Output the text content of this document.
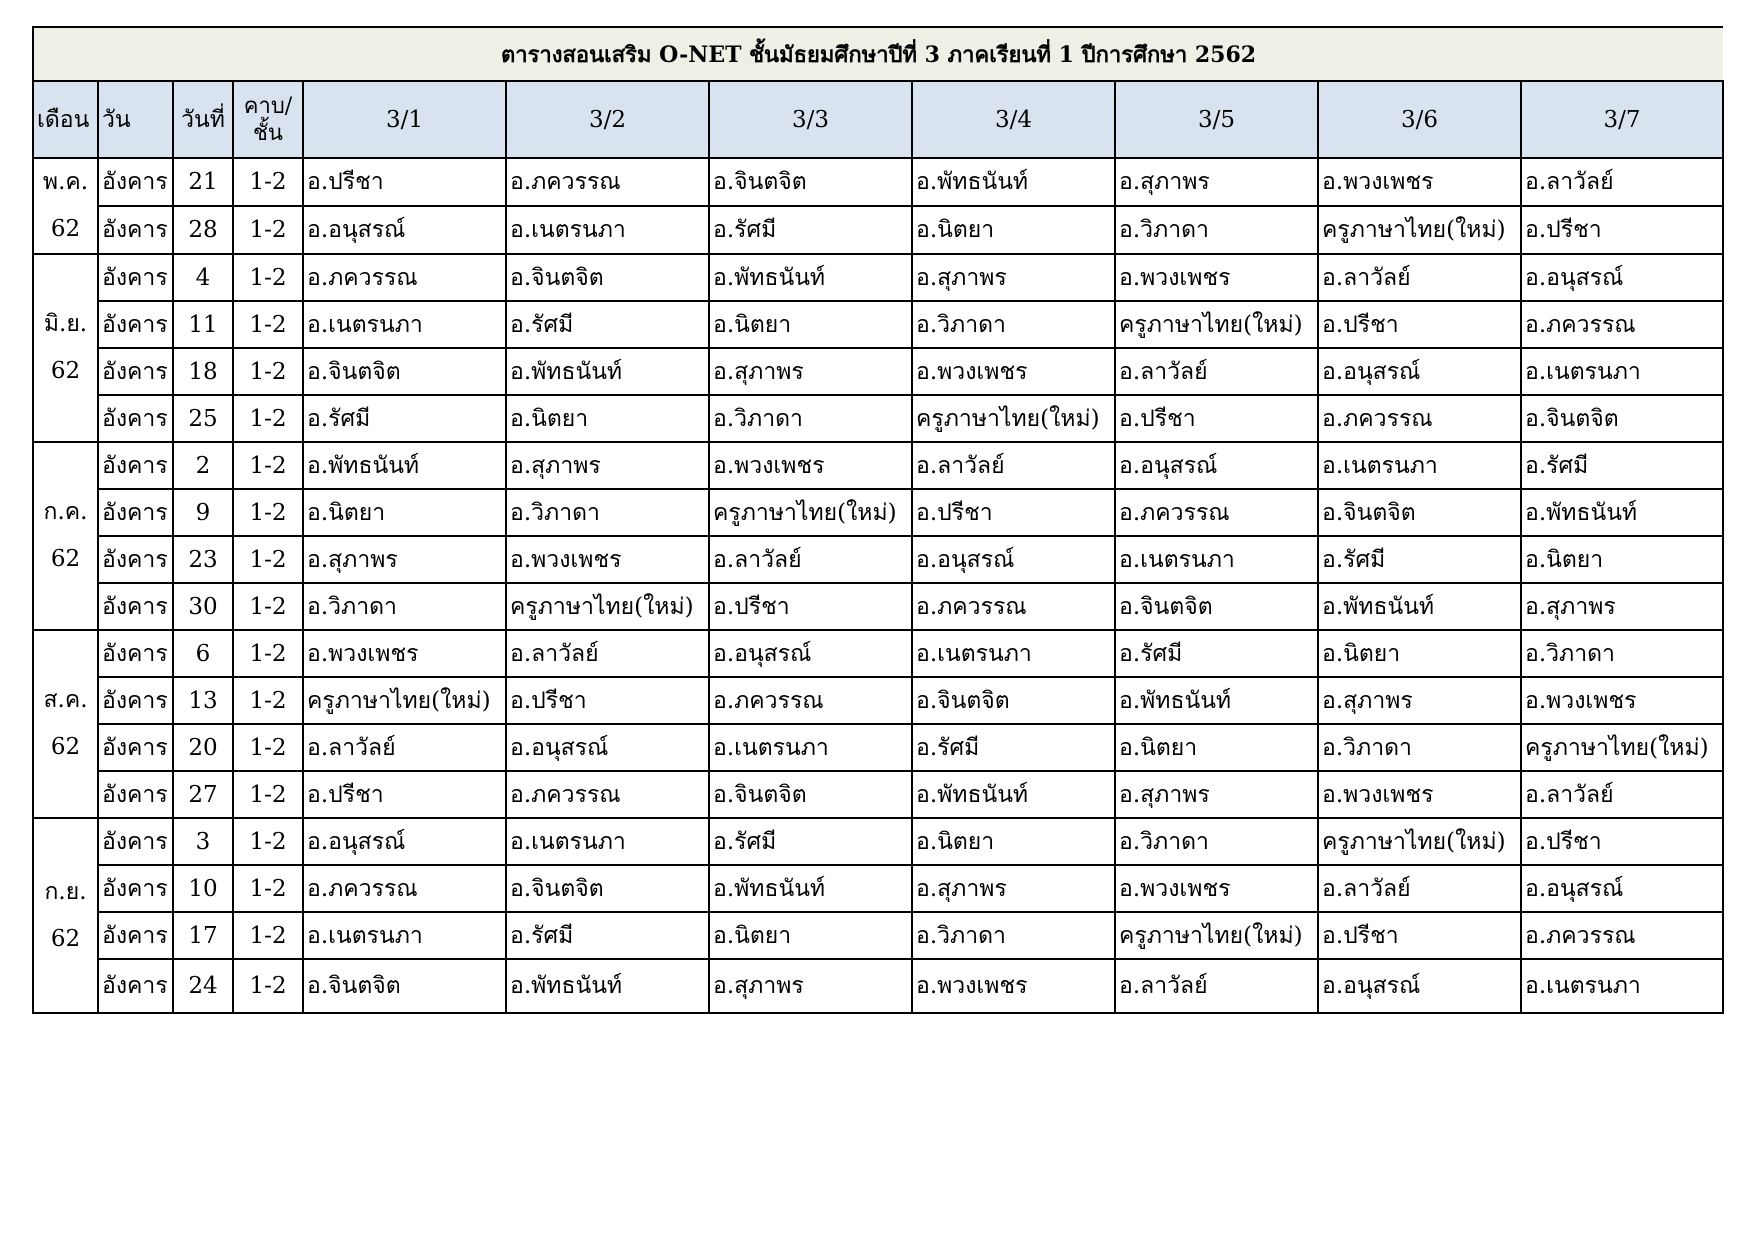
ตารางสอนเสริม O-NET ชั้นมัธยมศึกษาปีที่ 3 ภาคเรียนที่ 1 ปีการศึกษา 2562										
เดือน	วัน	วันที่	คาบ/
ชั้น	3/1	3/2	3/3	3/4	3/5	3/6	3/7
พ.ค.
62	อังคาร	21	1-2	อ.ปรีชา	อ.ภควรรณ	อ.จินตจิต	อ.พัทธนันท์	อ.สุภาพร	อ.พวงเพชร	อ.ลาวัลย์
	อังคาร	28	1-2	อ.อนุสรณ์	อ.เนตรนภา	อ.รัศมี	อ.นิตยา	อ.วิภาดา	ครูภาษาไทย(ใหม่)	อ.ปรีชา
มิ.ย.
62	อังคาร	4	1-2	อ.ภควรรณ	อ.จินตจิต	อ.พัทธนันท์	อ.สุภาพร	อ.พวงเพชร	อ.ลาวัลย์	อ.อนุสรณ์
	อังคาร	11	1-2	อ.เนตรนภา	อ.รัศมี	อ.นิตยา	อ.วิภาดา	ครูภาษาไทย(ใหม่)	อ.ปรีชา	อ.ภควรรณ
	อังคาร	18	1-2	อ.จินตจิต	อ.พัทธนันท์	อ.สุภาพร	อ.พวงเพชร	อ.ลาวัลย์	อ.อนุสรณ์	อ.เนตรนภา
	อังคาร	25	1-2	อ.รัศมี	อ.นิตยา	อ.วิภาดา	ครูภาษาไทย(ใหม่)	อ.ปรีชา	อ.ภควรรณ	อ.จินตจิต
ก.ค.
62	อังคาร	2	1-2	อ.พัทธนันท์	อ.สุภาพร	อ.พวงเพชร	อ.ลาวัลย์	อ.อนุสรณ์	อ.เนตรนภา	อ.รัศมี
	อังคาร	9	1-2	อ.นิตยา	อ.วิภาดา	ครูภาษาไทย(ใหม่)	อ.ปรีชา	อ.ภควรรณ	อ.จินตจิต	อ.พัทธนันท์
	อังคาร	23	1-2	อ.สุภาพร	อ.พวงเพชร	อ.ลาวัลย์	อ.อนุสรณ์	อ.เนตรนภา	อ.รัศมี	อ.นิตยา
	อังคาร	30	1-2	อ.วิภาดา	ครูภาษาไทย(ใหม่)	อ.ปรีชา	อ.ภควรรณ	อ.จินตจิต	อ.พัทธนันท์	อ.สุภาพร
ส.ค.
62	อังคาร	6	1-2	อ.พวงเพชร	อ.ลาวัลย์	อ.อนุสรณ์	อ.เนตรนภา	อ.รัศมี	อ.นิตยา	อ.วิภาดา
	อังคาร	13	1-2	ครูภาษาไทย(ใหม่)	อ.ปรีชา	อ.ภควรรณ	อ.จินตจิต	อ.พัทธนันท์	อ.สุภาพร	อ.พวงเพชร
	อังคาร	20	1-2	อ.ลาวัลย์	อ.อนุสรณ์	อ.เนตรนภา	อ.รัศมี	อ.นิตยา	อ.วิภาดา	ครูภาษาไทย(ใหม่)
	อังคาร	27	1-2	อ.ปรีชา	อ.ภควรรณ	อ.จินตจิต	อ.พัทธนันท์	อ.สุภาพร	อ.พวงเพชร	อ.ลาวัลย์
ก.ย.
62	อังคาร	3	1-2	อ.อนุสรณ์	อ.เนตรนภา	อ.รัศมี	อ.นิตยา	อ.วิภาดา	ครูภาษาไทย(ใหม่)	อ.ปรีชา
	อังคาร	10	1-2	อ.ภควรรณ	อ.จินตจิต	อ.พัทธนันท์	อ.สุภาพร	อ.พวงเพชร	อ.ลาวัลย์	อ.อนุสรณ์
	อังคาร	17	1-2	อ.เนตรนภา	อ.รัศมี	อ.นิตยา	อ.วิภาดา	ครูภาษาไทย(ใหม่)	อ.ปรีชา	อ.ภควรรณ
	อังคาร	24	1-2	อ.จินตจิต	อ.พัทธนันท์	อ.สุภาพร	อ.พวงเพชร	อ.ลาวัลย์	อ.อนุสรณ์	อ.เนตรนภา
